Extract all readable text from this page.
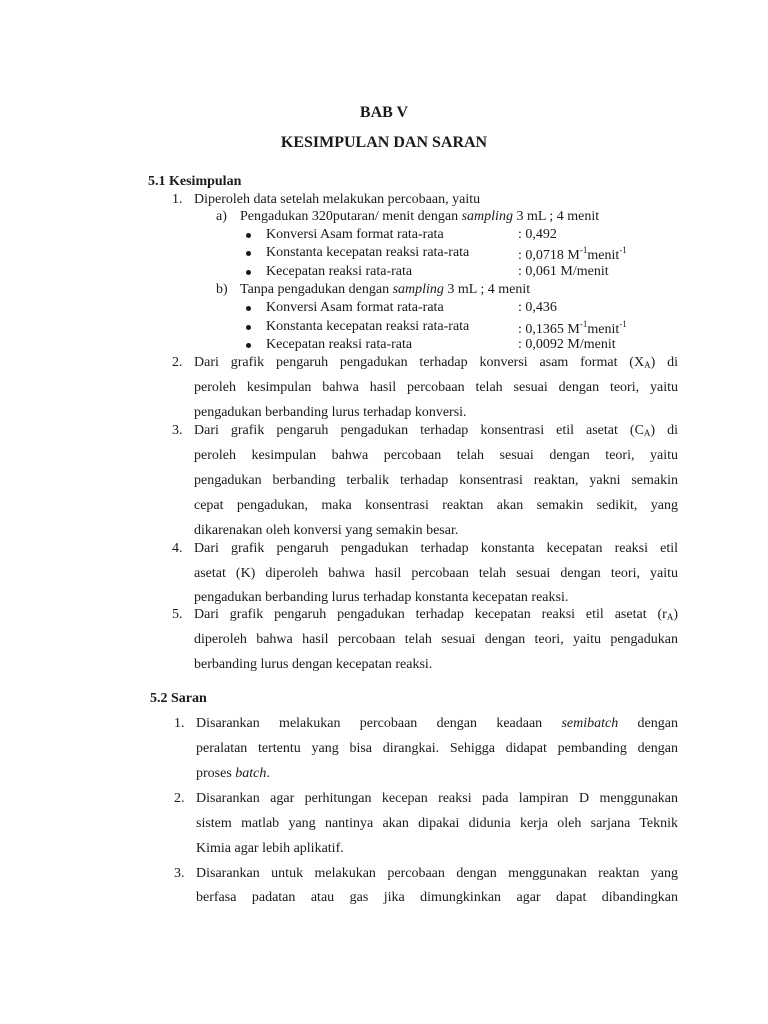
BAB V
KESIMPULAN DAN SARAN
5.1 Kesimpulan
1. Diperoleh data setelah melakukan percobaan, yaitu
a) Pengadukan 320putaran/ menit dengan sampling 3 mL ; 4 menit
Konversi Asam format rata-rata	: 0,492
Konstanta kecepatan reaksi rata-rata	: 0,0718 $M^{-1}menit^{-1}$
Kecepatan reaksi rata-rata	: 0,061 M/menit
b) Tanpa pengadukan dengan sampling 3 mL ; 4 menit
Konversi Asam format rata-rata	: 0,436
Konstanta kecepatan reaksi rata-rata	: 0,1365 $M^{-1}menit^{-1}$
Kecepatan reaksi rata-rata	: 0,0092 M/menit
2. Dari grafik pengaruh pengadukan terhadap konversi asam format $(X_A)$ di
peroleh kesimpulan bahwa hasil percobaan telah sesuai dengan teori, yaitu
pengadukan berbanding lurus terhadap konversi.
3. Dari grafik pengaruh pengadukan terhadap konsentrasi etil asetat $(C_A)$ di
peroleh kesimpulan bahwa percobaan telah sesuai dengan teori, yaitu
pengadukan berbanding terbalik terhadap konsentrasi reaktan, yakni semakin
cepat pengadukan, maka konsentrasi reaktan akan semakin sedikit, yang
dikarenakan oleh konversi yang semakin besar.
4. Dari grafik pengaruh pengadukan terhadap konstanta kecepatan reaksi etil
asetat (K) diperoleh bahwa hasil percobaan telah sesuai dengan teori, yaitu
pengadukan berbanding lurus terhadap konstanta kecepatan reaksi.
5. Dari grafik pengaruh pengadukan terhadap kecepatan reaksi etil asetat $(r_A)$
diperoleh bahwa hasil percobaan telah sesuai dengan teori, yaitu pengadukan
berbanding lurus dengan kecepatan reaksi.
5.2 Saran
1. Disarankan melakukan percobaan dengan keadaan semibatch dengan
peralatan tertentu yang bisa dirangkai. Sehigga didapat pembanding dengan
proses batch.
2. Disarankan agar perhitungan kecepan reaksi pada lampiran D menggunakan
sistem matlab yang nantinya akan dipakai didunia kerja oleh sarjana Teknik
Kimia agar lebih aplikatif.
3. Disarankan untuk melakukan percobaan dengan menggunakan reaktan yang
berfasa padatan atau gas jika dimungkinkan agar dapat dibandingkan
